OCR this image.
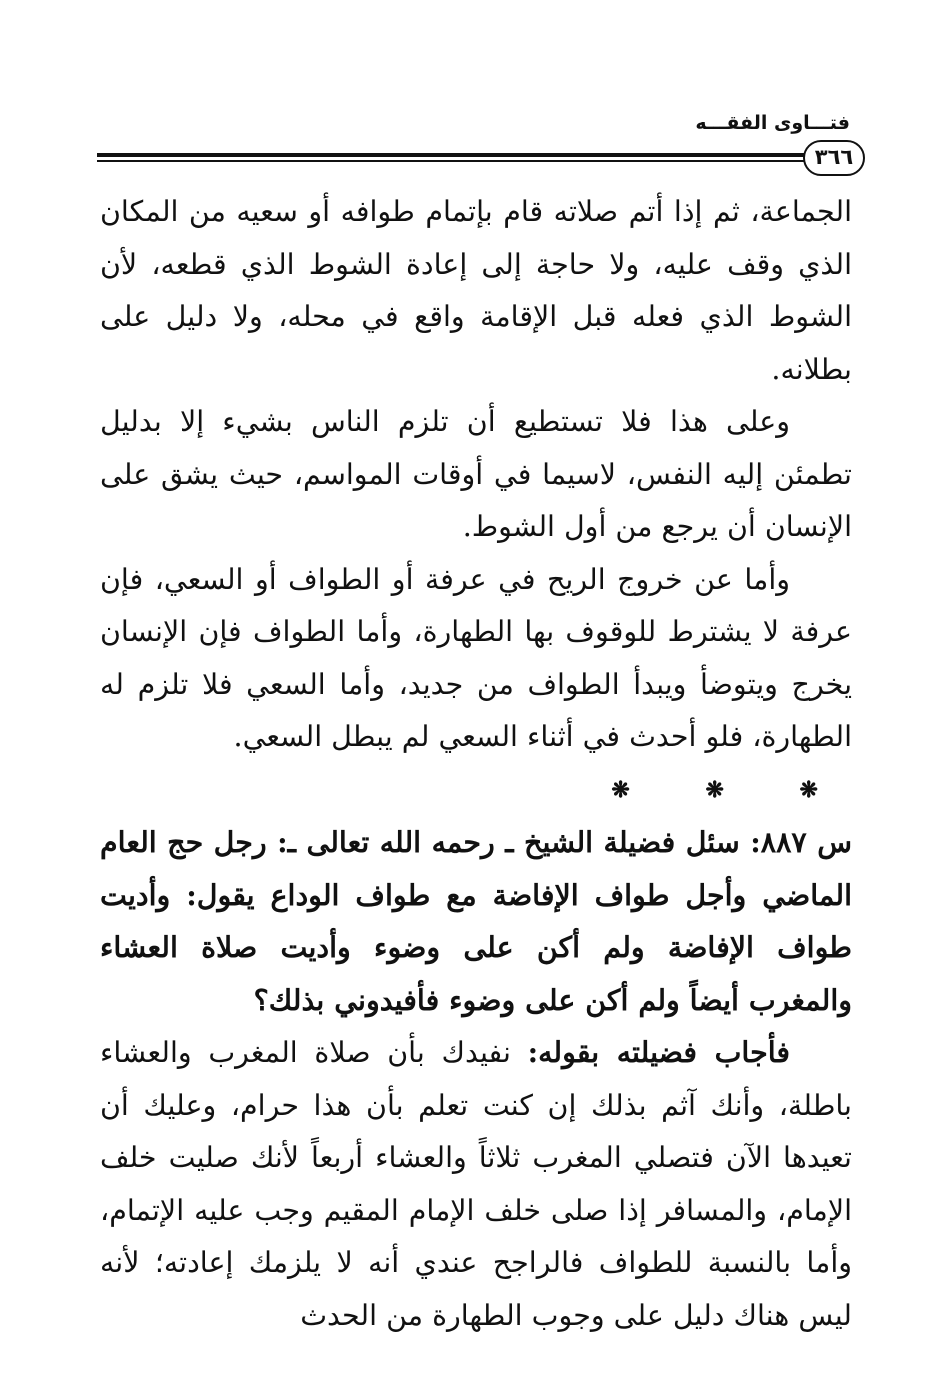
فتـــاوى الفقـــه
٣٦٦

الجماعة، ثم إذا أتم صلاته قام بإتمام طوافه أو سعيه من المكان الذي وقف عليه، ولا حاجة إلى إعادة الشوط الذي قطعه، لأن الشوط الذي فعله قبل الإقامة واقع في محله، ولا دليل على بطلانه.

وعلى هذا فلا تستطيع أن تلزم الناس بشيء إلا بدليل تطمئن إليه النفس، لاسيما في أوقات المواسم، حيث يشق على الإنسان أن يرجع من أول الشوط.

وأما عن خروج الريح في عرفة أو الطواف أو السعي، فإن عرفة لا يشترط للوقوف بها الطهارة، وأما الطواف فإن الإنسان يخرج ويتوضأ ويبدأ الطواف من جديد، وأما السعي فلا تلزم له الطهارة، فلو أحدث في أثناء السعي لم يبطل السعي.

❋ ❋ ❋

س ٨٨٧: سئل فضيلة الشيخ ـ رحمه الله تعالى ـ: رجل حج العام الماضي وأجل طواف الإفاضة مع طواف الوداع يقول: وأديت طواف الإفاضة ولم أكن على وضوء وأديت صلاة العشاء والمغرب أيضاً ولم أكن على وضوء فأفيدوني بذلك؟

فأجاب فضيلته بقوله: نفيدك بأن صلاة المغرب والعشاء باطلة، وأنك آثم بذلك إن كنت تعلم بأن هذا حرام، وعليك أن تعيدها الآن فتصلي المغرب ثلاثاً والعشاء أربعاً لأنك صليت خلف الإمام، والمسافر إذا صلى خلف الإمام المقيم وجب عليه الإتمام، وأما بالنسبة للطواف فالراجح عندي أنه لا يلزمك إعادته؛ لأنه ليس هناك دليل على وجوب الطهارة من الحدث
